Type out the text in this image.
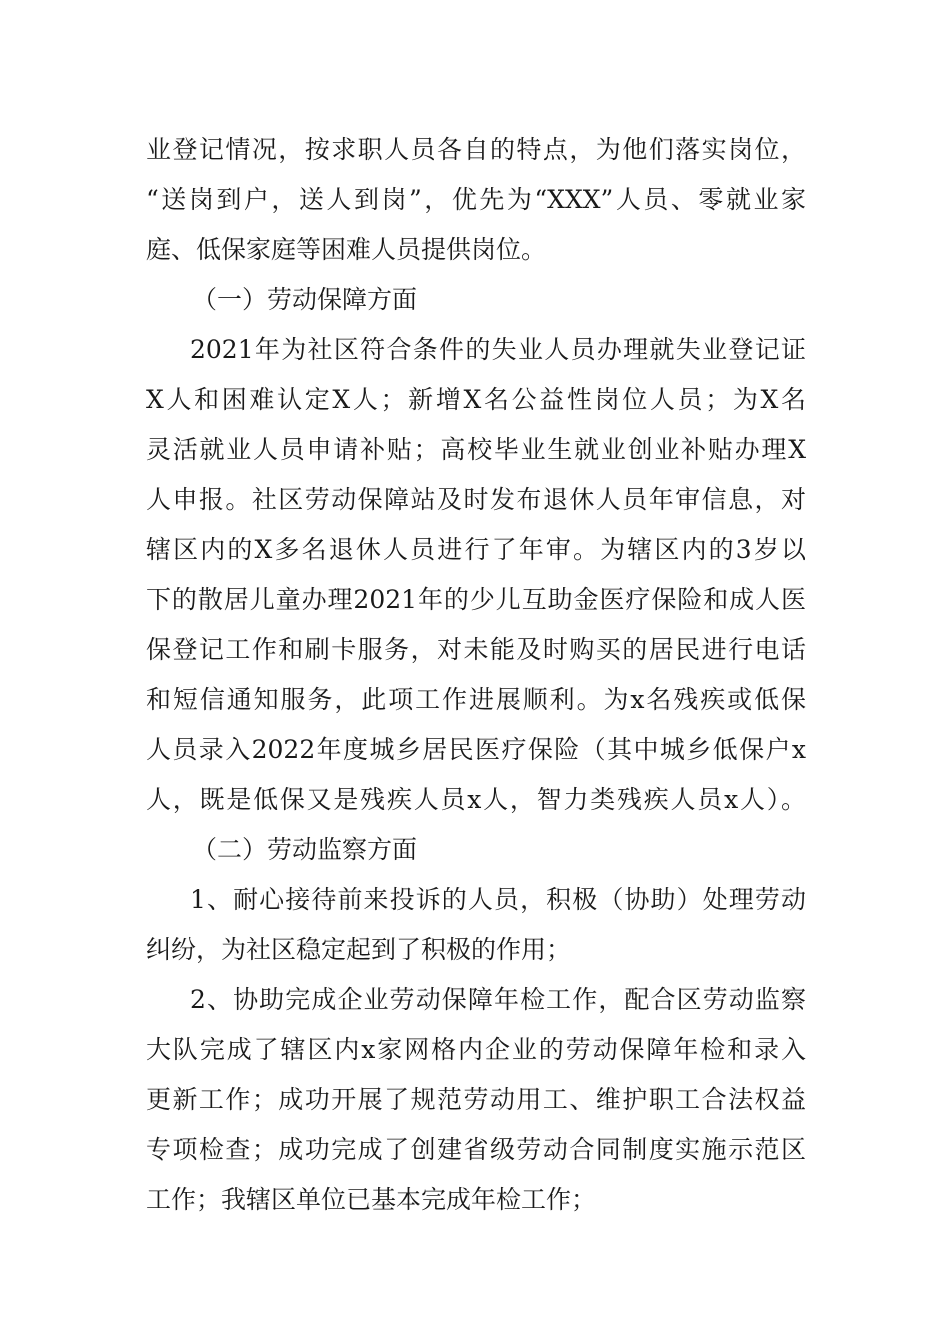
业登记情况，按求职人员各自的特点，为他们落实岗位，
“送岗到户，送人到岗”，优先为“XXX”人员、零就业家
庭、低保家庭等困难人员提供岗位。
（一）劳动保障方面
2021年为社区符合条件的失业人员办理就失业登记证
X人和困难认定X人；新增X名公益性岗位人员；为X名
灵活就业人员申请补贴；高校毕业生就业创业补贴办理X
人申报。社区劳动保障站及时发布退休人员年审信息，对
辖区内的X多名退休人员进行了年审。为辖区内的3岁以
下的散居儿童办理2021年的少儿互助金医疗保险和成人医
保登记工作和刷卡服务，对未能及时购买的居民进行电话
和短信通知服务，此项工作进展顺利。为x名残疾或低保
人员录入2022年度城乡居民医疗保险（其中城乡低保户x
人，既是低保又是残疾人员x人，智力类残疾人员x人）。
（二）劳动监察方面
1、耐心接待前来投诉的人员，积极（协助）处理劳动
纠纷，为社区稳定起到了积极的作用；
2、协助完成企业劳动保障年检工作，配合区劳动监察
大队完成了辖区内x家网格内企业的劳动保障年检和录入
更新工作；成功开展了规范劳动用工、维护职工合法权益
专项检查；成功完成了创建省级劳动合同制度实施示范区
工作；我辖区单位已基本完成年检工作；
